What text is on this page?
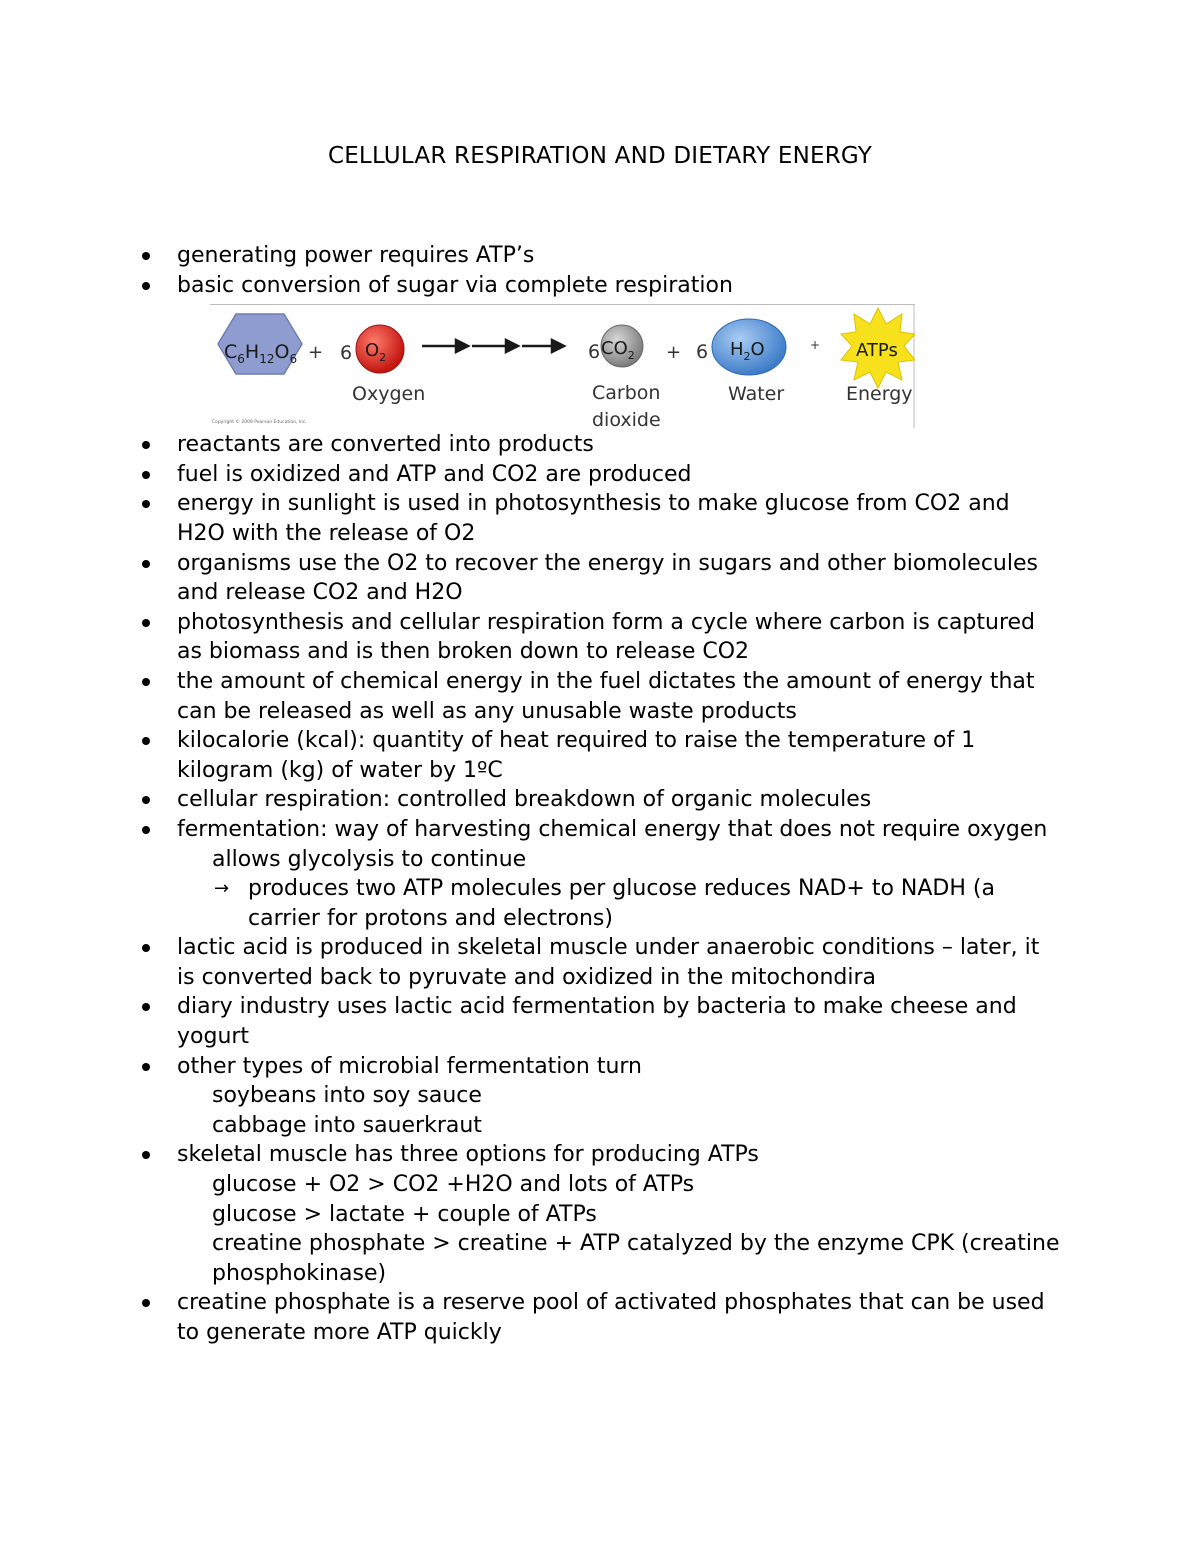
CELLULAR RESPIRATION AND DIETARY ENERGY
generating power requires ATP’s
basic conversion of sugar via complete respiration
$C_6H_{12}O_6 + 6$ $O_2$
Oxygen
6 $CO_2$
Carbon
dioxide
+ 6 $H_2O$
Water
+ ATPs
Energy
Copyright © 2009 Pearson Education, Inc.
reactants are converted into products
fuel is oxidized and ATP and CO2 are produced
energy in sunlight is used in photosynthesis to make glucose from CO2 and H2O with the release of O2
organisms use the O2 to recover the energy in sugars and other biomolecules and release CO2 and H2O
photosynthesis and cellular respiration form a cycle where carbon is captured as biomass and is then broken down to release CO2
the amount of chemical energy in the fuel dictates the amount of energy that can be released as well as any unusable waste products
kilocalorie (kcal): quantity of heat required to raise the temperature of 1 kilogram (kg) of water by 1ºC
cellular respiration: controlled breakdown of organic molecules
fermentation: way of harvesting chemical energy that does not require oxygen
allows glycolysis to continue
→ produces two ATP molecules per glucose reduces NAD+ to NADH (a carrier for protons and electrons)
lactic acid is produced in skeletal muscle under anaerobic conditions – later, it is converted back to pyruvate and oxidized in the mitochondira
diary industry uses lactic acid fermentation by bacteria to make cheese and yogurt
other types of microbial fermentation turn
soybeans into soy sauce
cabbage into sauerkraut
skeletal muscle has three options for producing ATPs
glucose + O2 > CO2 +H2O and lots of ATPs
glucose > lactate + couple of ATPs
creatine phosphate > creatine + ATP catalyzed by the enzyme CPK (creatine phosphokinase)
creatine phosphate is a reserve pool of activated phosphates that can be used to generate more ATP quickly
